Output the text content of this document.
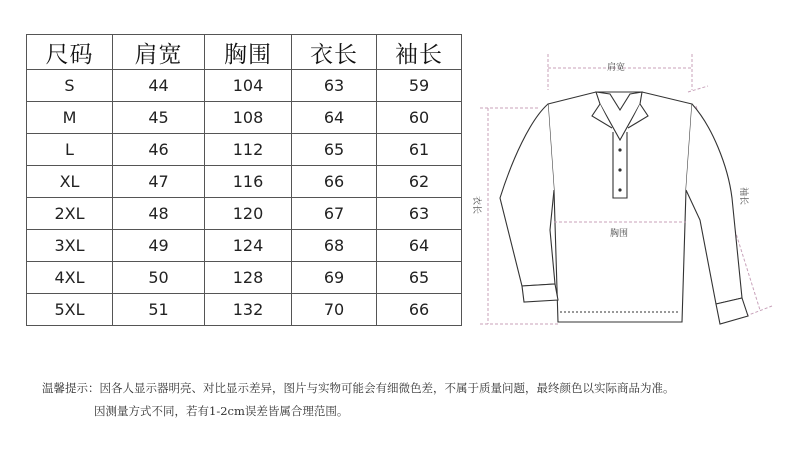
尺码	肩宽	胸围	衣长	袖长
S	44	104	63	59
M	45	108	64	60
L	46	112	65	61
XL	47	116	66	62
2XL	48	120	67	63
3XL	49	124	68	64
4XL	50	128	69	65
5XL	51	132	70	66
肩宽
衣长	袖长
胸围
温馨提示：因各人显示器明亮、对比显示差异，图片与实物可能会有细微色差，不属于质量问题，最终颜色以实际商品为准。
因测量方式不同，若有1-2cm误差皆属合理范围。
